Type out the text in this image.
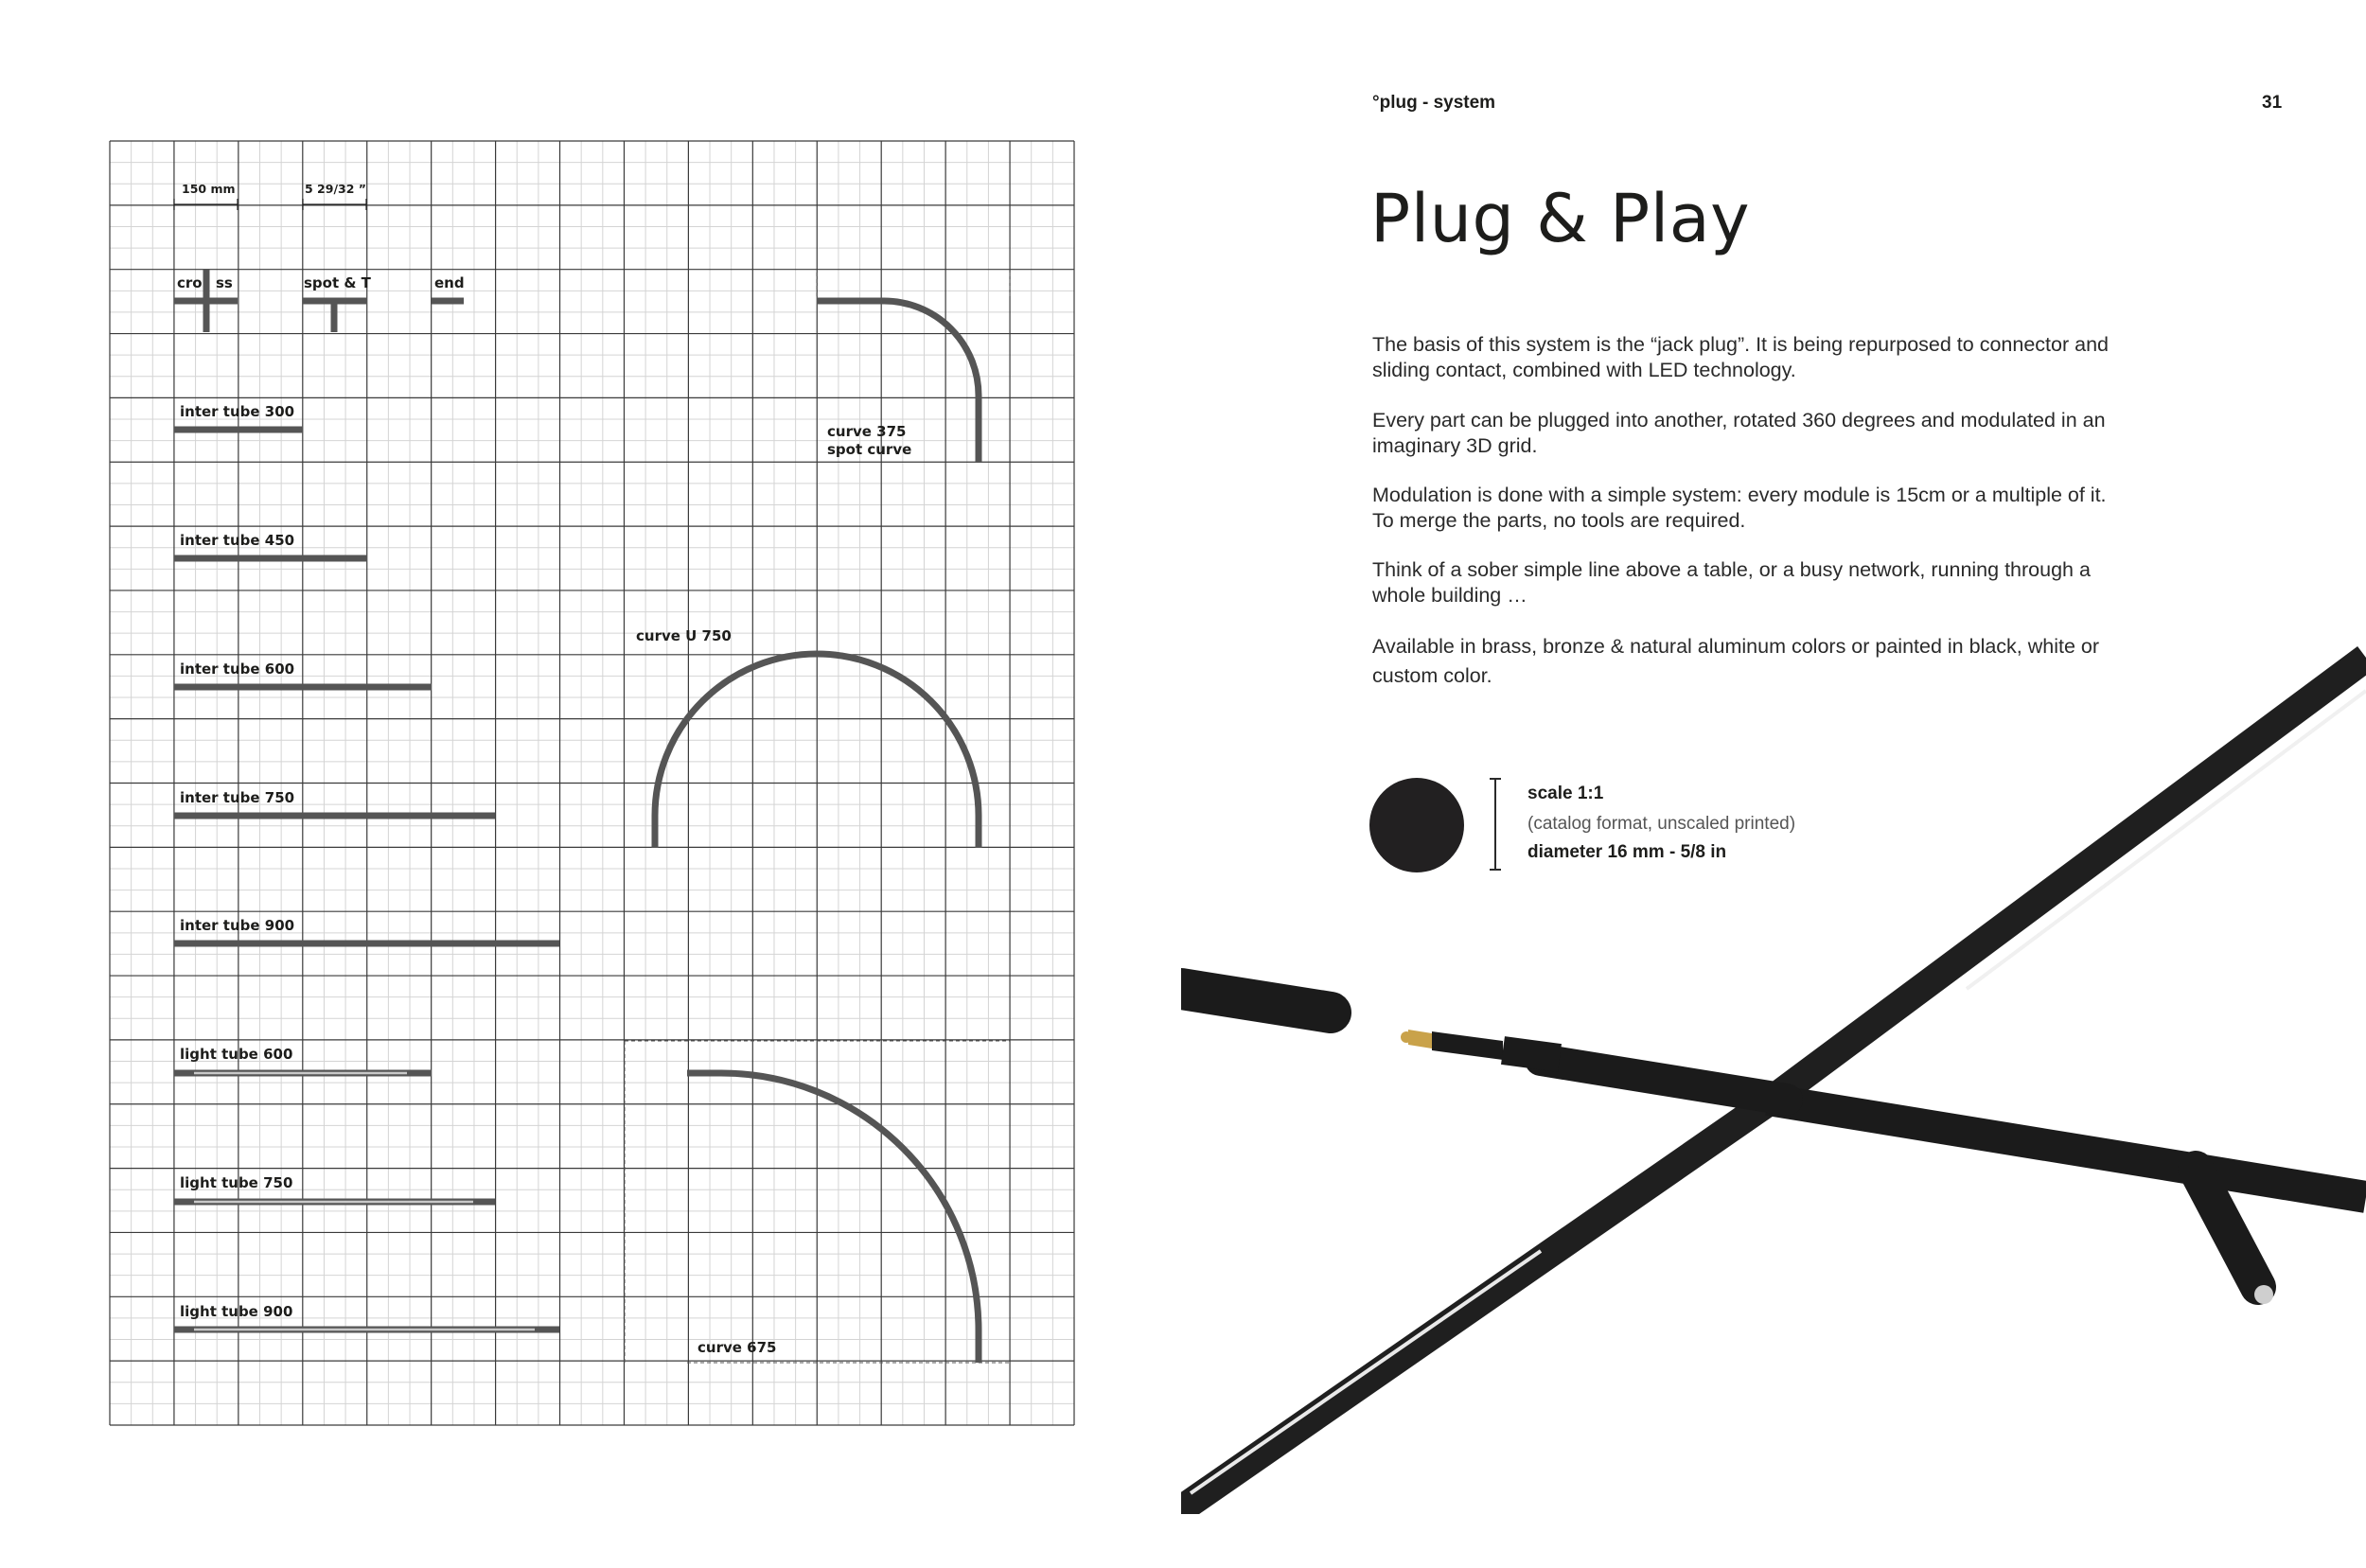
150 mm	5 29/32 ”
cro ss	spot & T	end
inter tube 300
inter tube 450
inter tube 600
inter tube 750
inter tube 900
light tube 600
light tube 750
light tube 900
curve 375
spot curve
curve U 750
curve 675
°plug - system	31
Plug & Play
The basis of this system is the “jack plug”. It is being repurposed to connector and sliding contact, combined with LED technology.
Every part can be plugged into another, rotated 360 degrees and modulated in an imaginary 3D grid.
Modulation is done with a simple system: every module is 15cm or a multiple of it. To merge the parts, no tools are required.
Think of a sober simple line above a table, or a busy network, running through a whole building …
Available in brass, bronze & natural aluminum colors or painted in black, white or custom color.
scale 1:1
(catalog format, unscaled printed)
diameter 16 mm - 5/8 in
